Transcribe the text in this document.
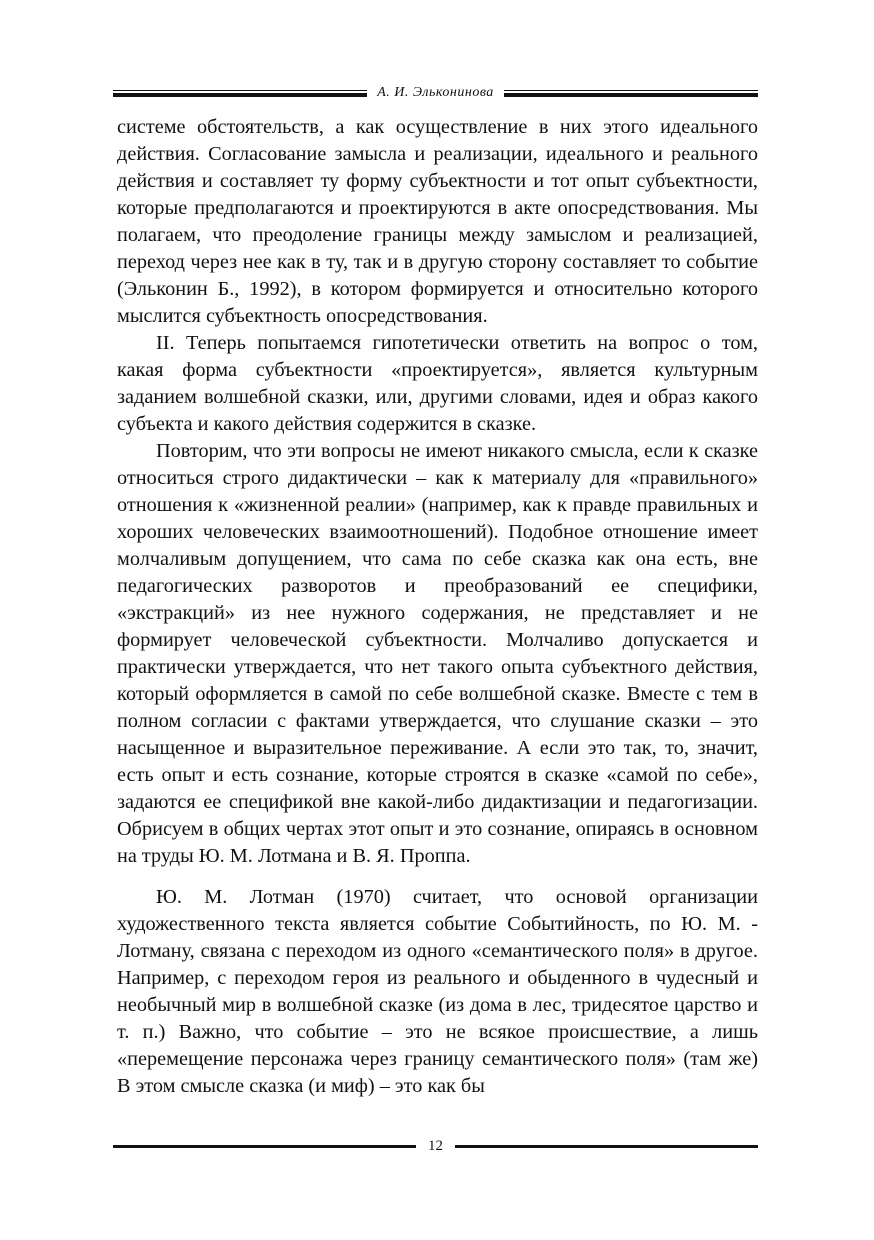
А. И. Эльконинова

системе обстоятельств, а как осуществление в них этого идеального действия. Согласование замысла и реализации, идеального и реального действия и составляет ту форму субъектности и тот опыт субъектности, которые предполагаются и проектируются в акте опосредствования. Мы полагаем, что преодоление границы между замыслом и реализацией, переход через нее как в ту, так и в другую сторону составляет то событие (Эльконин Б., 1992), в котором формируется и относительно которого мыслится субъектность опосредствования.

II. Теперь попытаемся гипотетически ответить на вопрос о том, какая форма субъектности «проектируется», является культурным заданием волшебной сказки, или, другими словами, идея и образ какого субъекта и какого действия содержится в сказке.

Повторим, что эти вопросы не имеют никакого смысла, если к сказке относиться строго дидактически – как к материалу для «правильного» отношения к «жизненной реалии» (например, как к правде правильных и хороших человеческих взаимоотношений). Подобное отношение имеет молчаливым допущением, что сама по себе сказка как она есть, вне педагогических разворотов и преобразований ее специфики, «экстракций» из нее нужного содержания, не представляет и не формирует человеческой субъектности. Молчаливо допускается и практически утверждается, что нет такого опыта субъектного действия, который оформляется в самой по себе волшебной сказке. Вместе с тем в полном согласии с фактами утверждается, что слушание сказки – это насыщенное и выразительное переживание. А если это так, то, значит, есть опыт и есть сознание, которые строятся в сказке «самой по себе», задаются ее спецификой вне какой-либо дидактизации и педагогизации. Обрисуем в общих чертах этот опыт и это сознание, опираясь в основном на труды Ю. М. Лотмана и В. Я. Проппа.

Ю. М. Лотман (1970) считает, что основой организации художественного текста является событие Событийность, по Ю. М. - Лотману, связана с переходом из одного «семантического поля» в другое. Например, с переходом героя из реального и обыденного в чудесный и необычный мир в волшебной сказке (из дома в лес, тридесятое царство и т. п.) Важно, что событие – это не всякое происшествие, а лишь «перемещение персонажа через границу семантического поля» (там же) В этом смысле сказка (и миф) – это как бы

12
